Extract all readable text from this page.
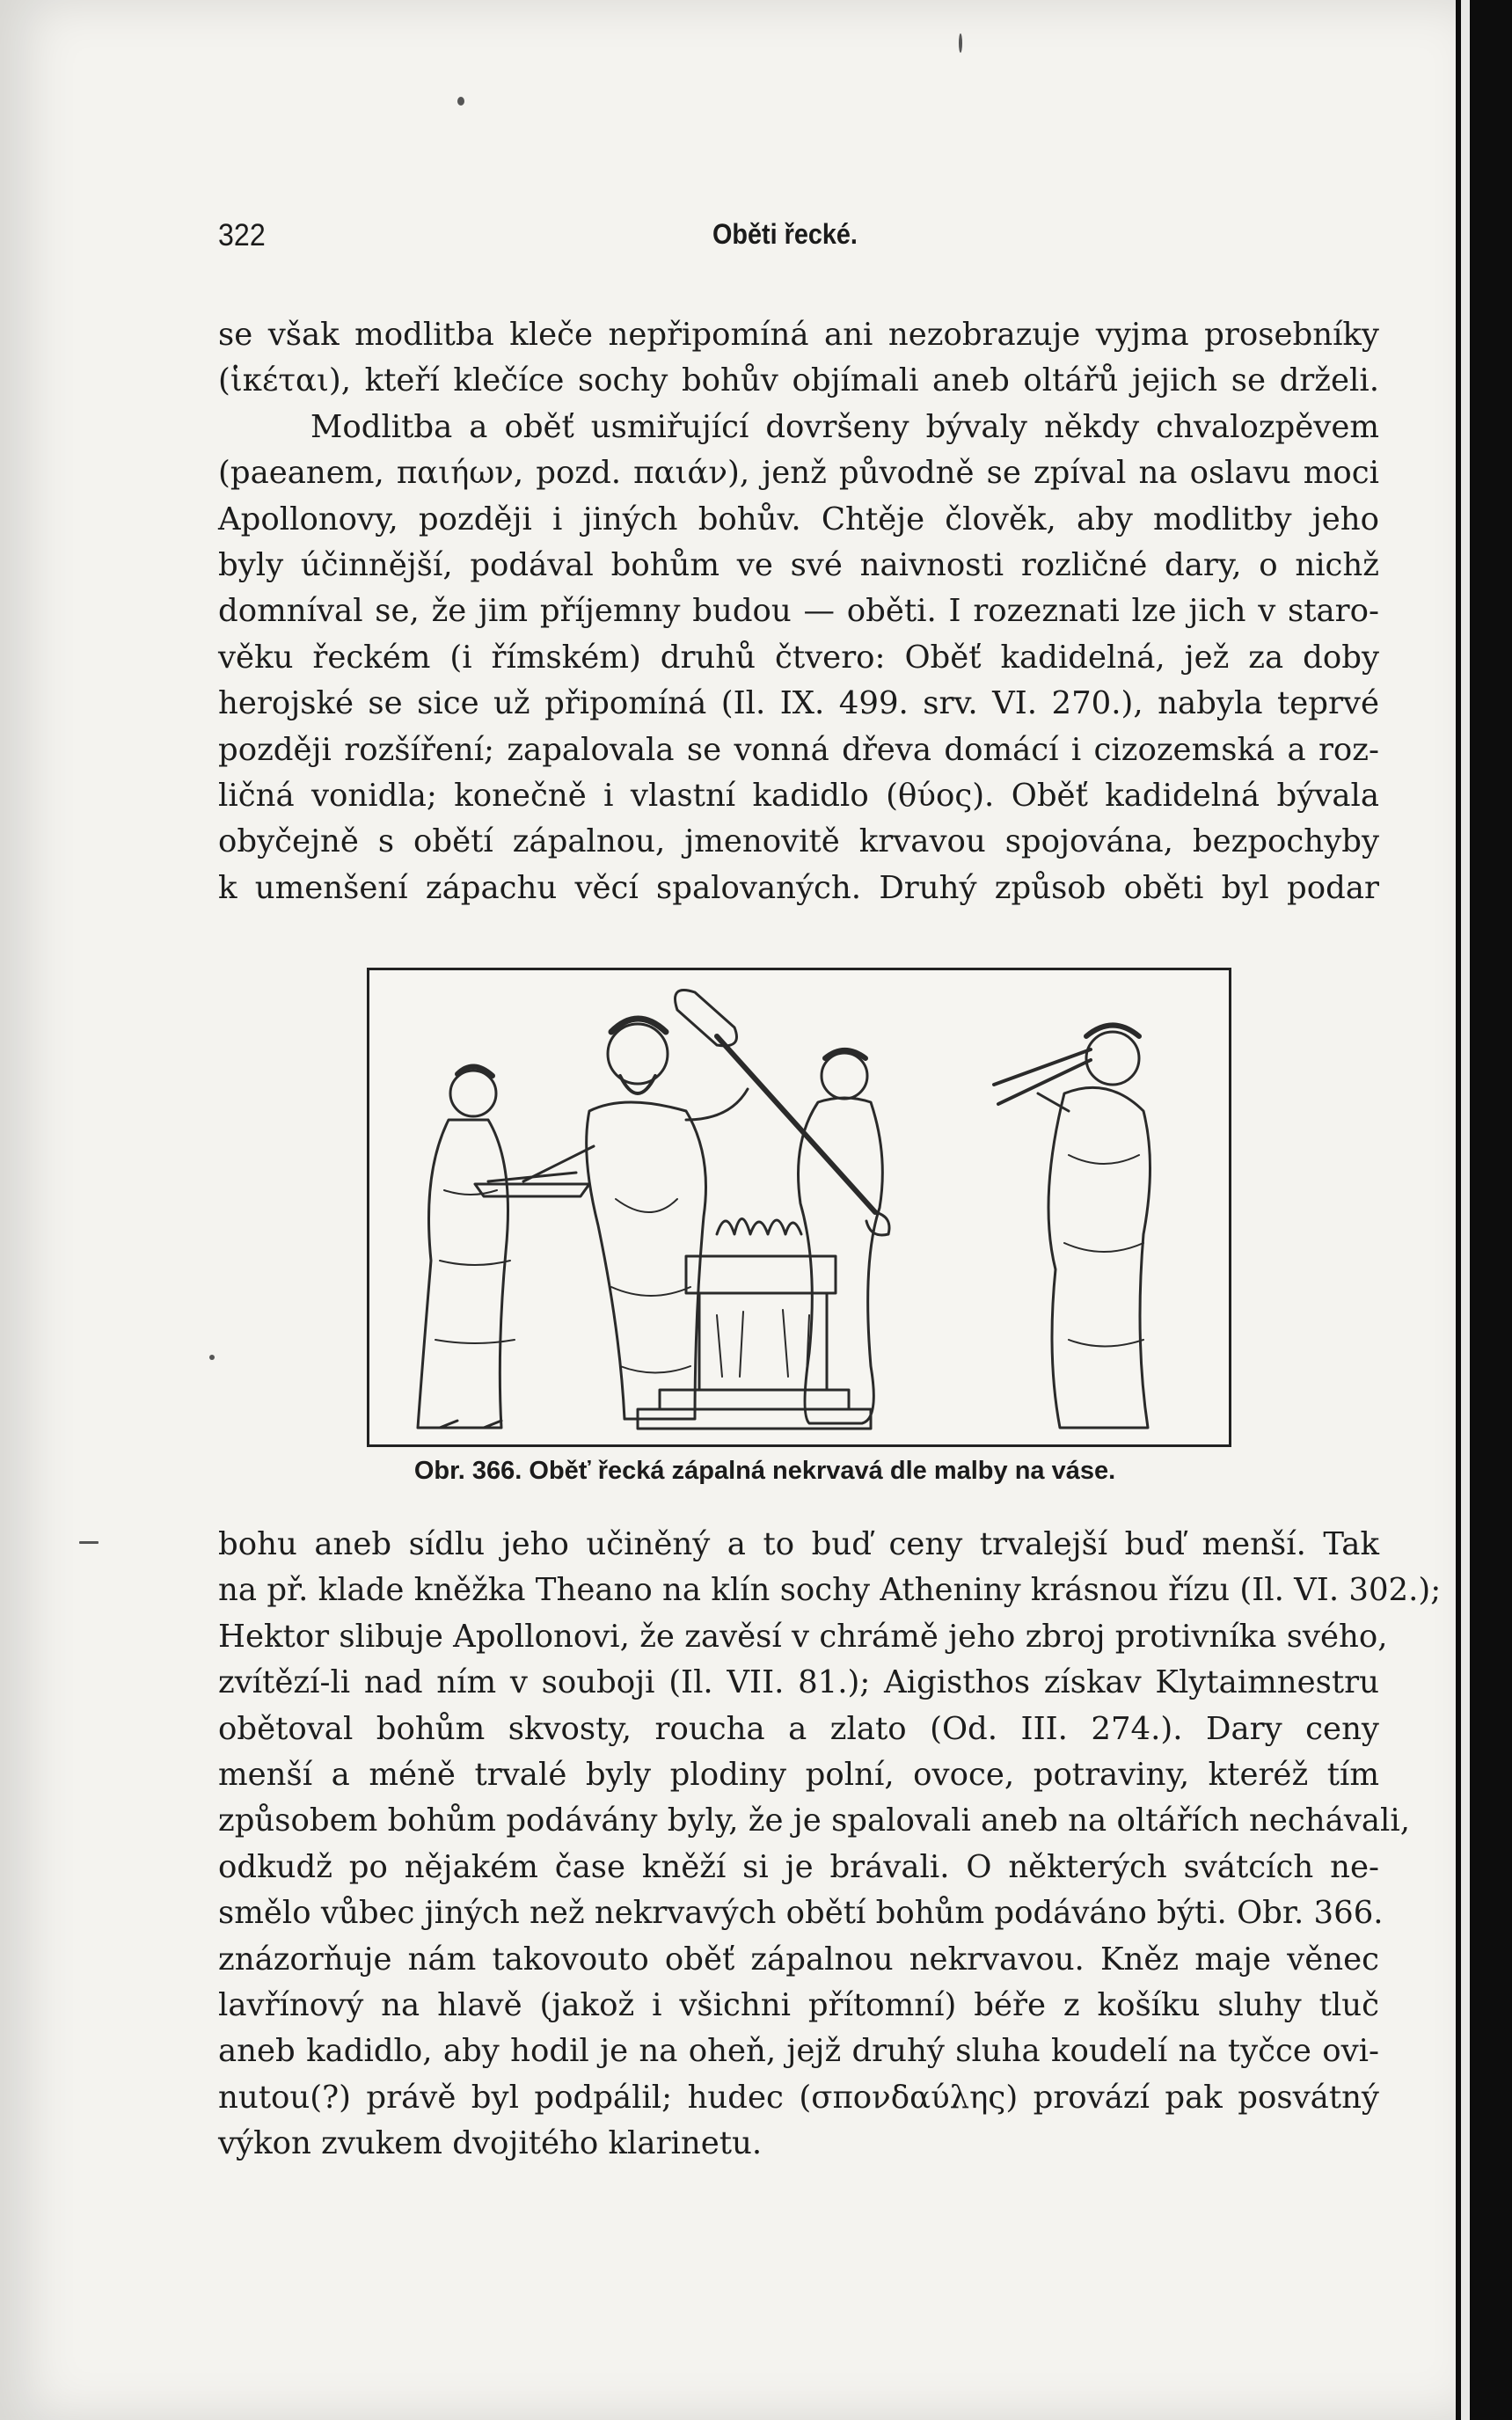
322	Oběti řecké.
se však modlitba kleče nepřipomíná ani nezobrazuje vyjma prosebníky
(ἱκέται), kteří klečíce sochy bohův objímali aneb oltářů jejich se drželi.
Modlitba a oběť usmiřující dovršeny bývaly někdy chvalozpěvem
(paeanem, παιήων, pozd. παιάν), jenž původně se zpíval na oslavu moci
Apollonovy, později i jiných bohův. Chtěje člověk, aby modlitby jeho
byly účinnější, podával bohům ve své naivnosti rozličné dary, o nichž
domníval se, že jim příjemny budou — oběti. I rozeznati lze jich v staro-
věku řeckém (i římském) druhů čtvero: Oběť kadidelná, jež za doby
herojské se sice už připomíná (Il. IX. 499. srv. VI. 270.), nabyla teprvé
později rozšíření; zapalovala se vonná dřeva domácí i cizozemská a roz-
ličná vonidla; konečně i vlastní kadidlo (θύος). Oběť kadidelná bývala
obyčejně s obětí zápalnou, jmenovitě krvavou spojována, bezpochyby
k umenšení zápachu věcí spalovaných. Druhý způsob oběti byl podar
Obr. 366. Oběť řecká zápalná nekrvavá dle malby na váse.
bohu aneb sídlu jeho učiněný a to buď ceny trvalejší buď menší. Tak
na př. klade kněžka Theano na klín sochy Atheniny krásnou řízu (Il. VI. 302.);
Hektor slibuje Apollonovi, že zavěsí v chrámě jeho zbroj protivníka svého,
zvítězí-li nad ním v souboji (Il. VII. 81.); Aigisthos získav Klytaimnestru
obětoval bohům skvosty, roucha a zlato (Od. III. 274.). Dary ceny
menší a méně trvalé byly plodiny polní, ovoce, potraviny, kteréž tím
způsobem bohům podávány byly, že je spalovali aneb na oltářích nechávali,
odkudž po nějakém čase kněží si je brávali. O některých svátcích ne-
smělo vůbec jiných než nekrvavých obětí bohům podáváno býti. Obr. 366.
znázorňuje nám takovouto oběť zápalnou nekrvavou. Kněz maje věnec
lavřínový na hlavě (jakož i všichni přítomní) béře z košíku sluhy tluč
aneb kadidlo, aby hodil je na oheň, jejž druhý sluha koudelí na tyčce ovi-
nutou(?) právě byl podpálil; hudec (σπονδαύλης) provází pak posvátný
výkon zvukem dvojitého klarinetu.
